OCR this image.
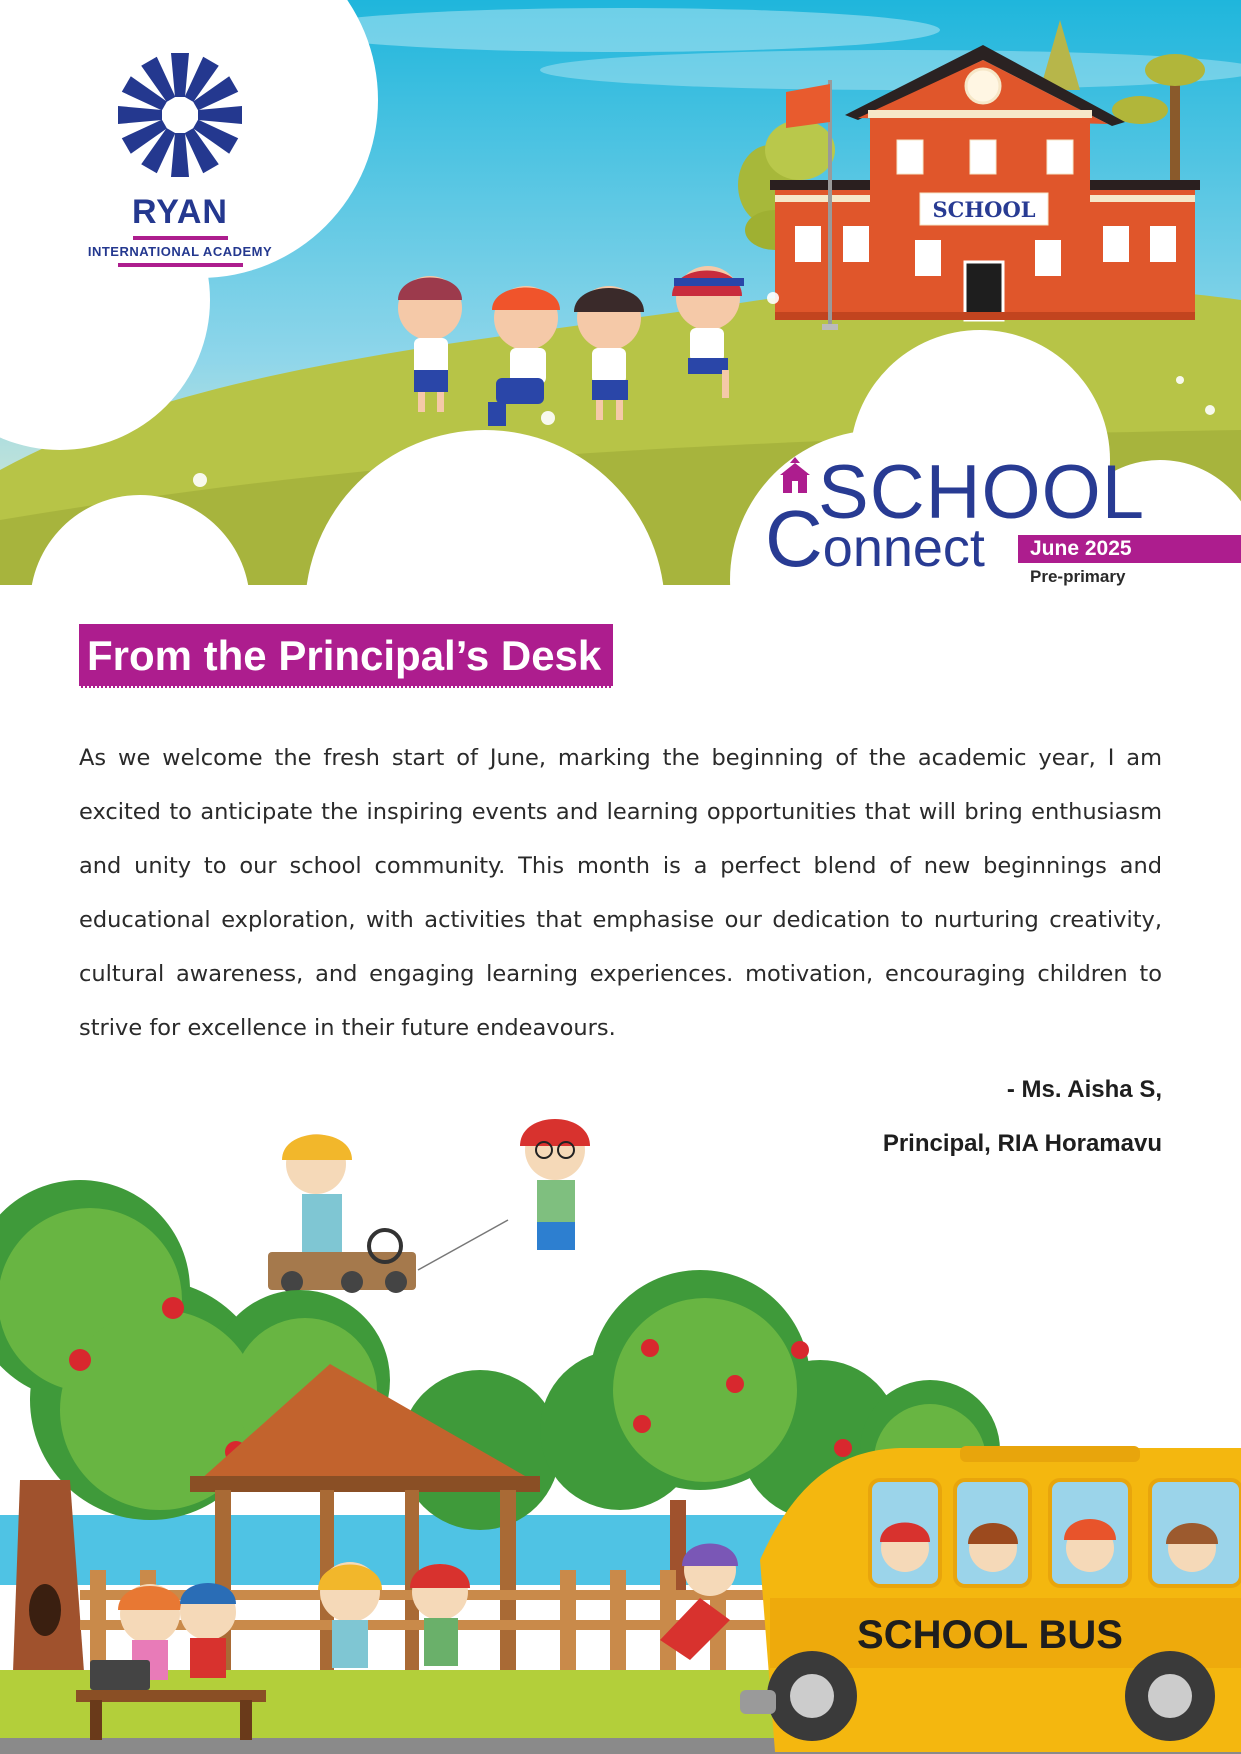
SCHOOL
RYAN
INTERNATIONAL ACADEMY
SCHOOL
Connect	June 2025
Pre-primary
From the Principal’s Desk

As we welcome the fresh start of June, marking the beginning of the academic year, I am excited to anticipate the inspiring events and learning opportunities that will bring enthusiasm and unity to our school community. This month is a perfect blend of new beginnings and educational exploration, with activities that emphasise our dedication to nurturing creativity, cultural awareness, and engaging learning experiences. motivation, encouraging children to strive for excellence in their future endeavours.

- Ms. Aisha S,
Principal, RIA Horamavu
SCHOOL BUS
